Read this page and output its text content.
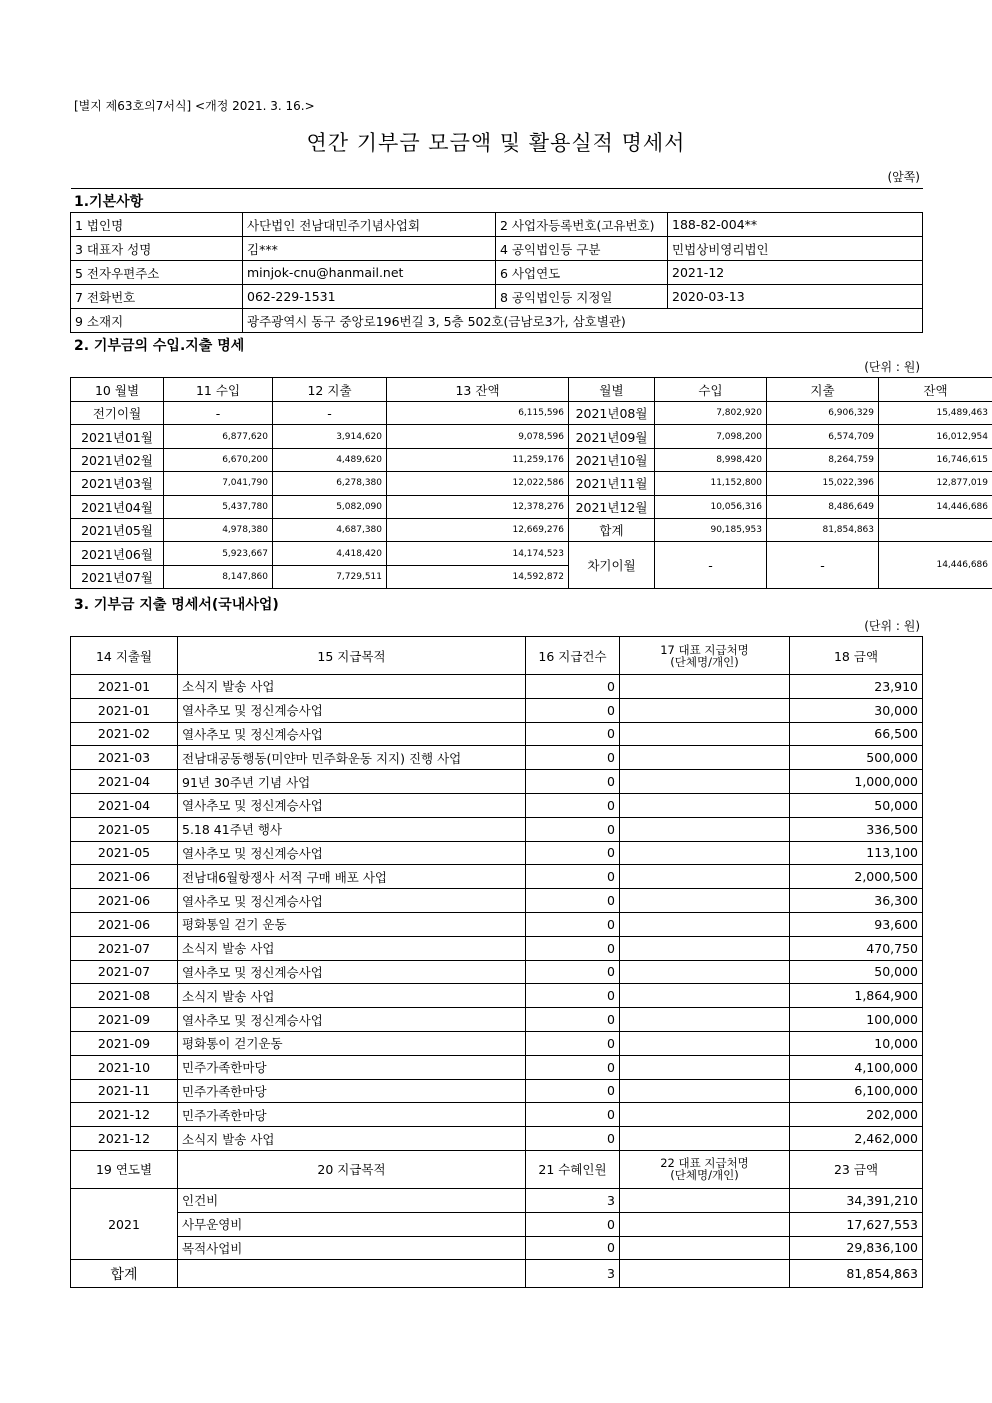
[별지 제63호의7서식] <개정 2021. 3. 16.>
연간 기부금 모금액 및 활용실적 명세서
(앞쪽)
1.기본사항

1 법인명	사단법인 전남대민주기념사업회	2 사업자등록번호(고유번호)	188-82-004**
3 대표자 성명	김***	4 공익법인등 구분	민법상비영리법인
5 전자우편주소	minjok-cnu@hanmail.net	6 사업연도	2021-12
7 전화번호	062-229-1531	8 공익법인등 지정일	2020-03-13
9 소재지	광주광역시 동구 중앙로196번길 3, 5층 502호(금남로3가, 삼호별관)		
2. 기부금의 수입.지출 명세
(단위 : 원)
10 월별	11 수입	12 지출	13 잔액	월별	수입	지출	잔액
전기이월	-	-	6,115,596	2021년08월	7,802,920	6,906,329	15,489,463
2021년01월	6,877,620	3,914,620	9,078,596	2021년09월	7,098,200	6,574,709	16,012,954
2021년02월	6,670,200	4,489,620	11,259,176	2021년10월	8,998,420	8,264,759	16,746,615
2021년03월	7,041,790	6,278,380	12,022,586	2021년11월	11,152,800	15,022,396	12,877,019
2021년04월	5,437,780	5,082,090	12,378,276	2021년12월	10,056,316	8,486,649	14,446,686
2021년05월	4,978,380	4,687,380	12,669,276	합계	90,185,953	81,854,863	
2021년06월	5,923,667	4,418,420	14,174,523	차기이월	-	-	14,446,686
2021년07월	8,147,860	7,729,511	14,592,872				
3. 기부금 지출 명세서(국내사업)
(단위 : 원)
14 지출월	15 지급목적	16 지급건수	17 대표 지급처명
(단체명/개인)	18 금액
2021-01	소식지 발송 사업	0		23,910
2021-01	열사추모 및 정신계승사업	0		30,000
2021-02	열사추모 및 정신계승사업	0		66,500
2021-03	전남대공동행동(미얀마 민주화운동 지지) 진행 사업	0		500,000
2021-04	91년 30주년 기념 사업	0		1,000,000
2021-04	열사추모 및 정신계승사업	0		50,000
2021-05	5.18 41주년 행사	0		336,500
2021-05	열사추모 및 정신계승사업	0		113,100
2021-06	전남대6월항쟁사 서적 구매 배포 사업	0		2,000,500
2021-06	열사추모 및 정신계승사업	0		36,300
2021-06	평화통일 걷기 운동	0		93,600
2021-07	소식지 발송 사업	0		470,750
2021-07	열사추모 및 정신계승사업	0		50,000
2021-08	소식지 발송 사업	0		1,864,900
2021-09	열사추모 및 정신계승사업	0		100,000
2021-09	평화통이 걷기운동	0		10,000
2021-10	민주가족한마당	0		4,100,000
2021-11	민주가족한마당	0		6,100,000
2021-12	민주가족한마당	0		202,000
2021-12	소식지 발송 사업	0		2,462,000
19 연도별	20 지급목적	21 수혜인원	22 대표 지급처명
(단체명/개인)	23 금액
2021	인건비	3		34,391,210
	사무운영비	0		17,627,553
	목적사업비	0		29,836,100
합계		3		81,854,863
